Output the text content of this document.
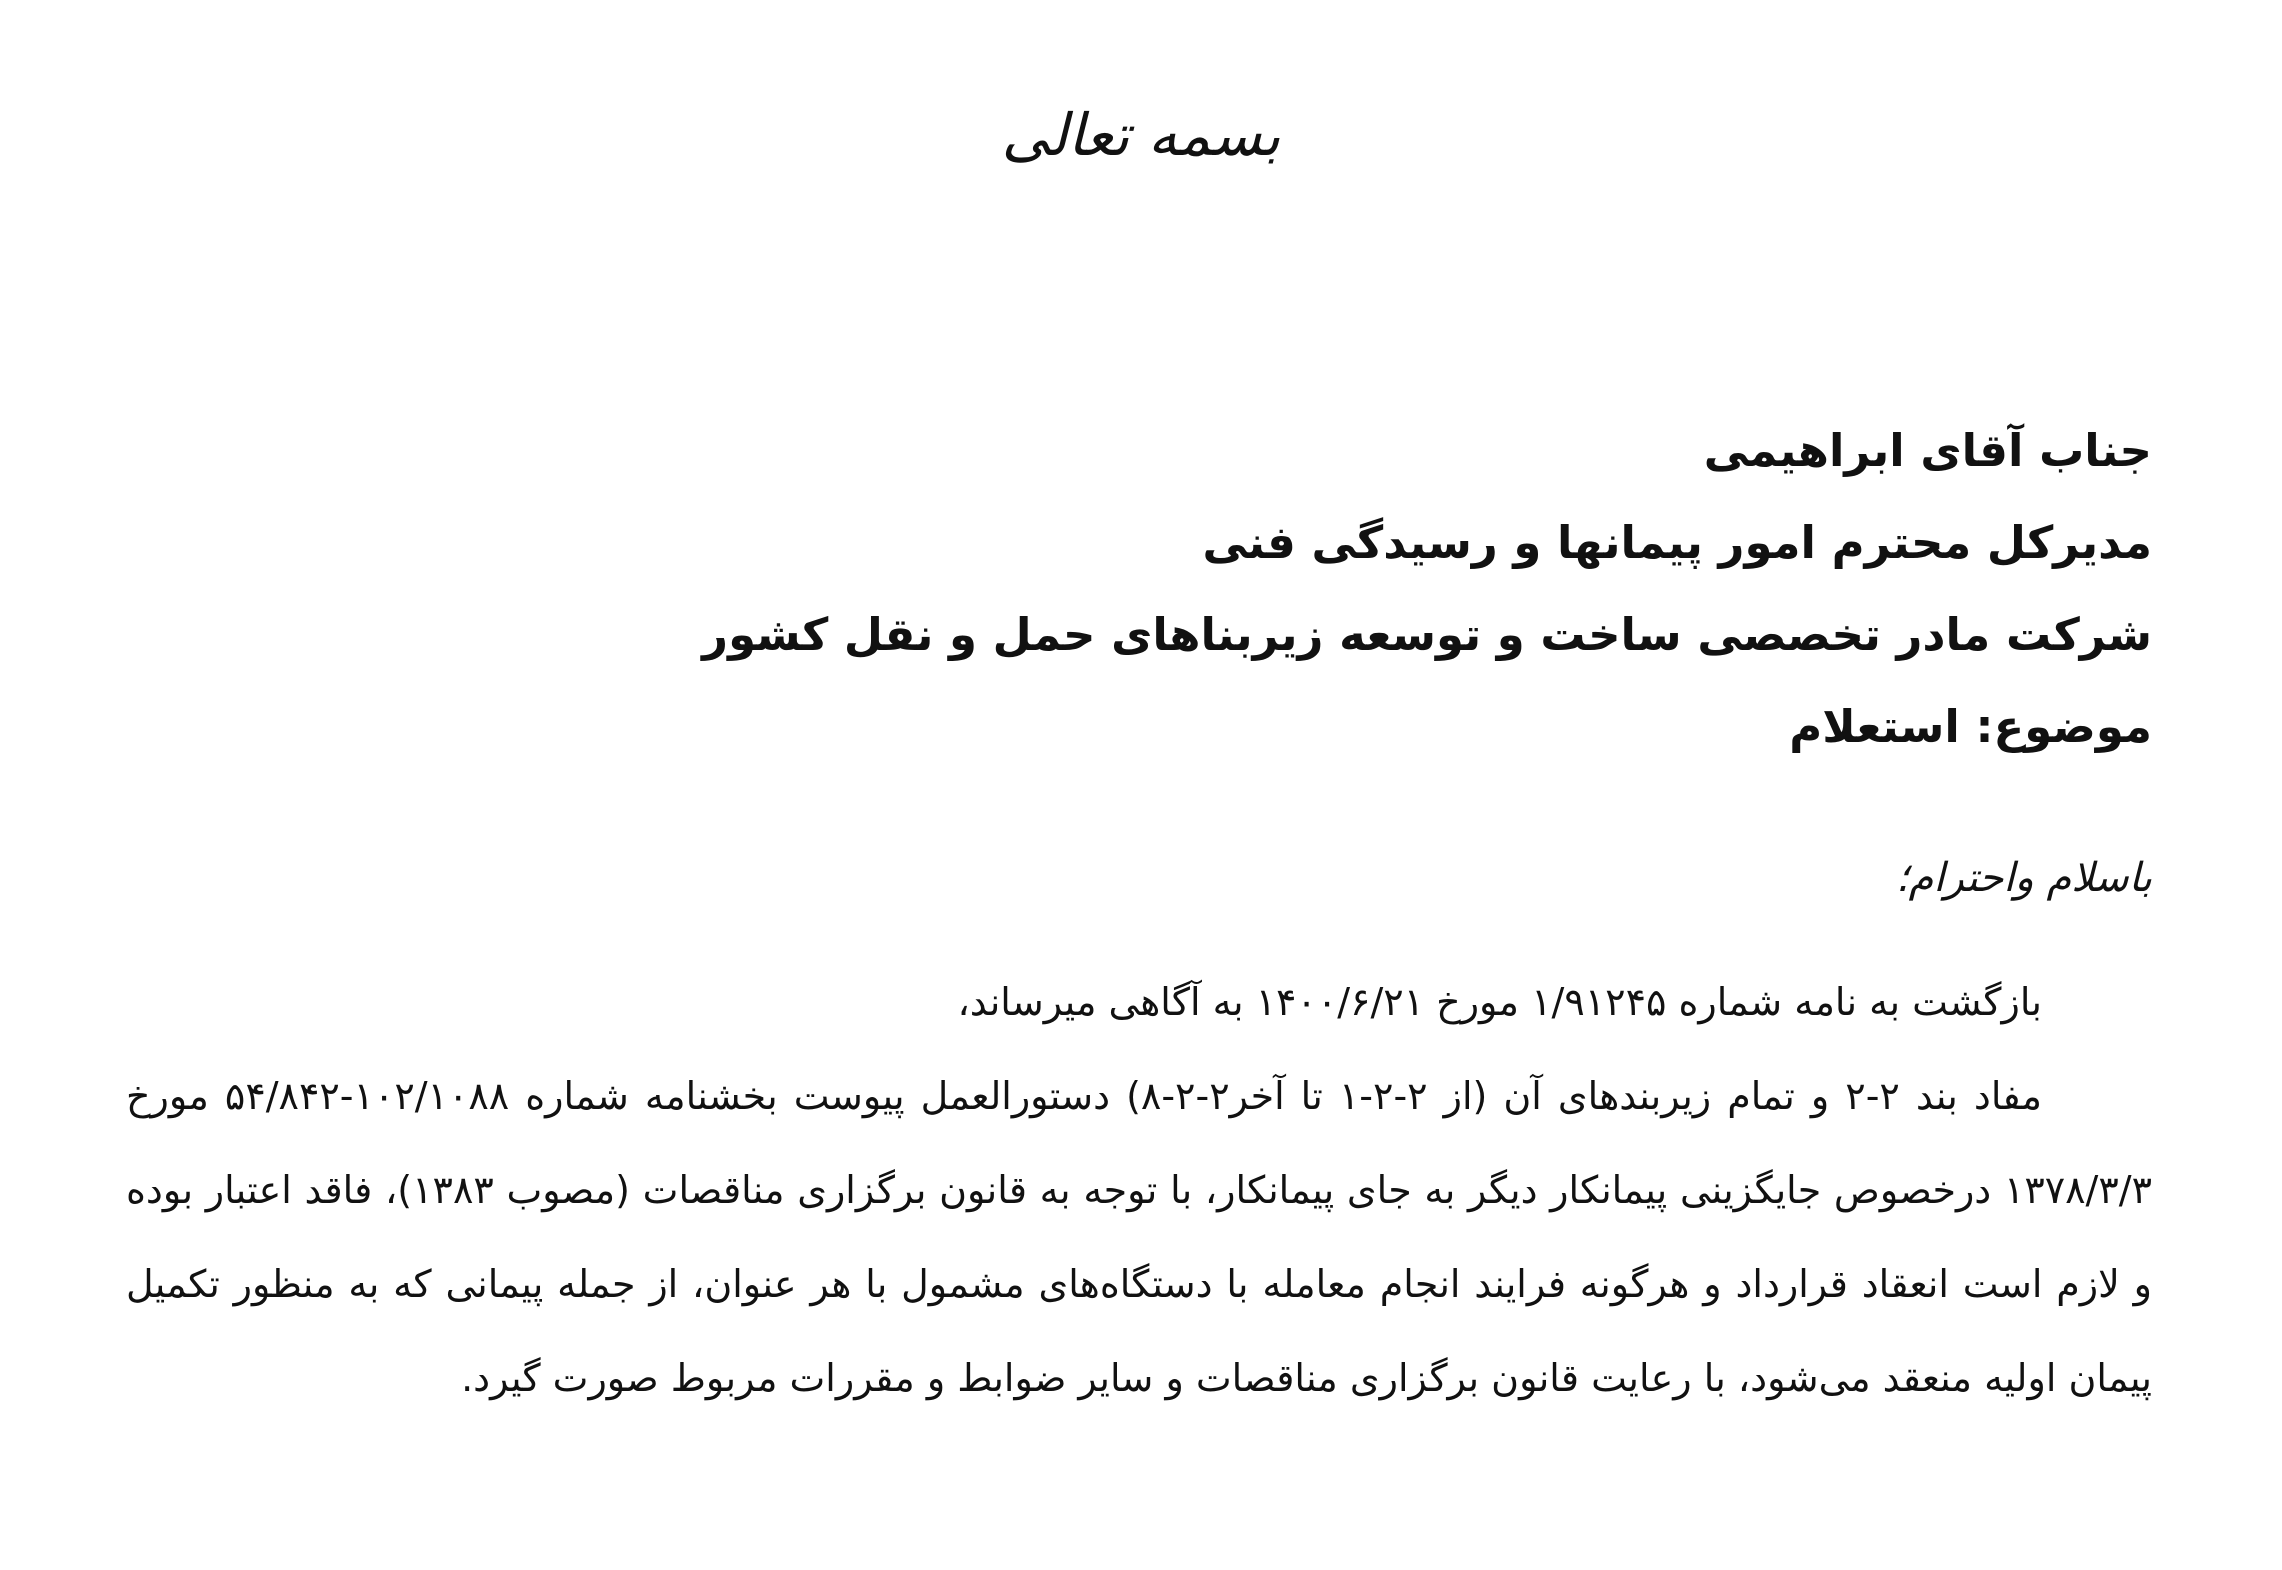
بسمه تعالی
جناب آقای ابراهیمی
مدیرکل محترم امور پیمانها و رسیدگی فنی
شرکت مادر تخصصی ساخت و توسعه زیربناهای حمل و نقل کشور
موضوع: استعلام
باسلام واحترام؛

بازگشت به نامه شماره ۱/۹۱۲۴۵ مورخ ۱۴۰۰/۶/۲۱ به آگاهی میرساند،

مفاد بند ۲-۲ و تمام زیربندهای آن (از ۲-۲-۱ تا آخر۲-۲-۸) دستورالعمل پیوست بخشنامه شماره ۱۰۲/۱۰۸۸-۵۴/۸۴۲ مورخ ۱۳۷۸/۳/۳ درخصوص جایگزینی پیمانکار دیگر به جای پیمانکار، با توجه به قانون برگزاری مناقصات (مصوب ۱۳۸۳)، فاقد اعتبار بوده و لازم است انعقاد قرارداد و هرگونه فرایند انجام معامله با دستگاه‌های مشمول با هر عنوان، از جمله پیمانی که به منظور تکمیل پیمان اولیه منعقد می‌شود، با رعایت قانون برگزاری مناقصات و سایر ضوابط و مقررات مربوط صورت گیرد.
